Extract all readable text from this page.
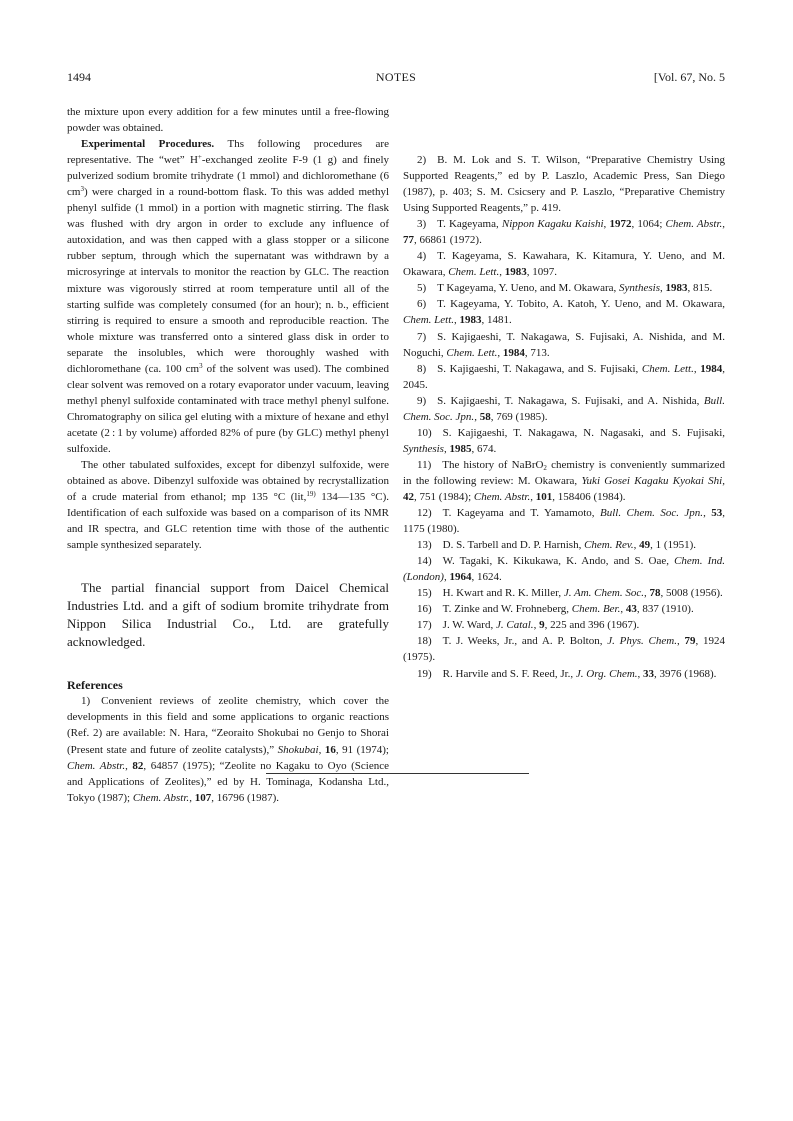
1494	NOTES	[Vol. 67, No. 5

the mixture upon every addition for a few minutes until a free-flowing powder was obtained.

Experimental Procedures. Ths following procedures are representative. The “wet” H+-exchanged zeolite F-9 (1 g) and finely pulverized sodium bromite trihydrate (1 mmol) and dichloromethane (6 $cm^3$) were charged in a round-bottom flask. To this was added methyl phenyl sulfide (1 mmol) in a portion with magnetic stirring. The flask was flushed with dry argon in order to exclude any influence of autoxidation, and was then capped with a glass stopper or a silicone rubber septum, through which the supernatant was withdrawn by a microsyringe at intervals to monitor the reaction by GLC. The reaction mixture was vigorously stirred at room temperature until all of the starting sulfide was completely consumed (for an hour); n. b., efficient stirring is required to ensure a smooth and reproducible reaction. The whole mixture was transferred onto a sintered glass disk in order to separate the insolubles, which were thoroughly washed with dichloromethane (ca. 100 $cm^3$ of the solvent was used). The combined clear solvent was removed on a rotary evaporator under vacuum, leaving methyl phenyl sulfoxide contaminated with trace methyl phenyl sulfone. Chromatography on silica gel eluting with a mixture of hexane and ethyl acetate (2 : 1 by volume) afforded 82% of pure (by GLC) methyl phenyl sulfoxide.

The other tabulated sulfoxides, except for dibenzyl sulfoxide, were obtained as above. Dibenzyl sulfoxide was obtained by recrystallization of a crude material from ethanol; mp 135 °C (lit,$^{19)}$ 134—135 °C). Identification of each sulfoxide was based on a comparison of its NMR and IR spectra, and GLC retention time with those of the authentic sample synthesized separately.

The partial financial support from Daicel Chemical Industries Ltd. and a gift of sodium bromite trihydrate from Nippon Silica Industrial Co., Ltd. are gratefully acknowledged.

References

1) Convenient reviews of zeolite chemistry, which cover the developments in this field and some applications to organic reactions (Ref. 2) are available: N. Hara, “Zeoraito Shokubai no Genjo to Shorai (Present state and future of zeolite catalysts),” Shokubai, 16, 91 (1974); Chem. Abstr., 82, 64857 (1975); “Zeolite no Kagaku to Oyo (Science and Applications of Zeolites),” ed by H. Tominaga, Kodansha Ltd., Tokyo (1987); Chem. Abstr., 107, 16796 (1987).

2) B. M. Lok and S. T. Wilson, “Preparative Chemistry Using Supported Reagents,” ed by P. Laszlo, Academic Press, San Diego (1987), p. 403; S. M. Csicsery and P. Laszlo, “Preparative Chemistry Using Supported Reagents,” p. 419.

3) T. Kageyama, Nippon Kagaku Kaishi, 1972, 1064; Chem. Abstr., 77, 66861 (1972).

4) T. Kageyama, S. Kawahara, K. Kitamura, Y. Ueno, and M. Okawara, Chem. Lett., 1983, 1097.

5) T Kageyama, Y. Ueno, and M. Okawara, Synthesis, 1983, 815.

6) T. Kageyama, Y. Tobito, A. Katoh, Y. Ueno, and M. Okawara, Chem. Lett., 1983, 1481.

7) S. Kajigaeshi, T. Nakagawa, S. Fujisaki, A. Nishida, and M. Noguchi, Chem. Lett., 1984, 713.

8) S. Kajigaeshi, T. Nakagawa, and S. Fujisaki, Chem. Lett., 1984, 2045.

9) S. Kajigaeshi, T. Nakagawa, S. Fujisaki, and A. Nishida, Bull. Chem. Soc. Jpn., 58, 769 (1985).

10) S. Kajigaeshi, T. Nakagawa, N. Nagasaki, and S. Fujisaki, Synthesis, 1985, 674.

11) The history of NaBrO$_2$ chemistry is conveniently summarized in the following review: M. Okawara, Yuki Gosei Kagaku Kyokai Shi, 42, 751 (1984); Chem. Abstr., 101, 158406 (1984).

12) T. Kageyama and T. Yamamoto, Bull. Chem. Soc. Jpn., 53, 1175 (1980).

13) D. S. Tarbell and D. P. Harnish, Chem. Rev., 49, 1 (1951).

14) W. Tagaki, K. Kikukawa, K. Ando, and S. Oae, Chem. Ind. (London), 1964, 1624.

15) H. Kwart and R. K. Miller, J. Am. Chem. Soc., 78, 5008 (1956).

16) T. Zinke and W. Frohneberg, Chem. Ber., 43, 837 (1910).

17) J. W. Ward, J. Catal., 9, 225 and 396 (1967).

18) T. J. Weeks, Jr., and A. P. Bolton, J. Phys. Chem., 79, 1924 (1975).

19) R. Harvile and S. F. Reed, Jr., J. Org. Chem., 33, 3976 (1968).
